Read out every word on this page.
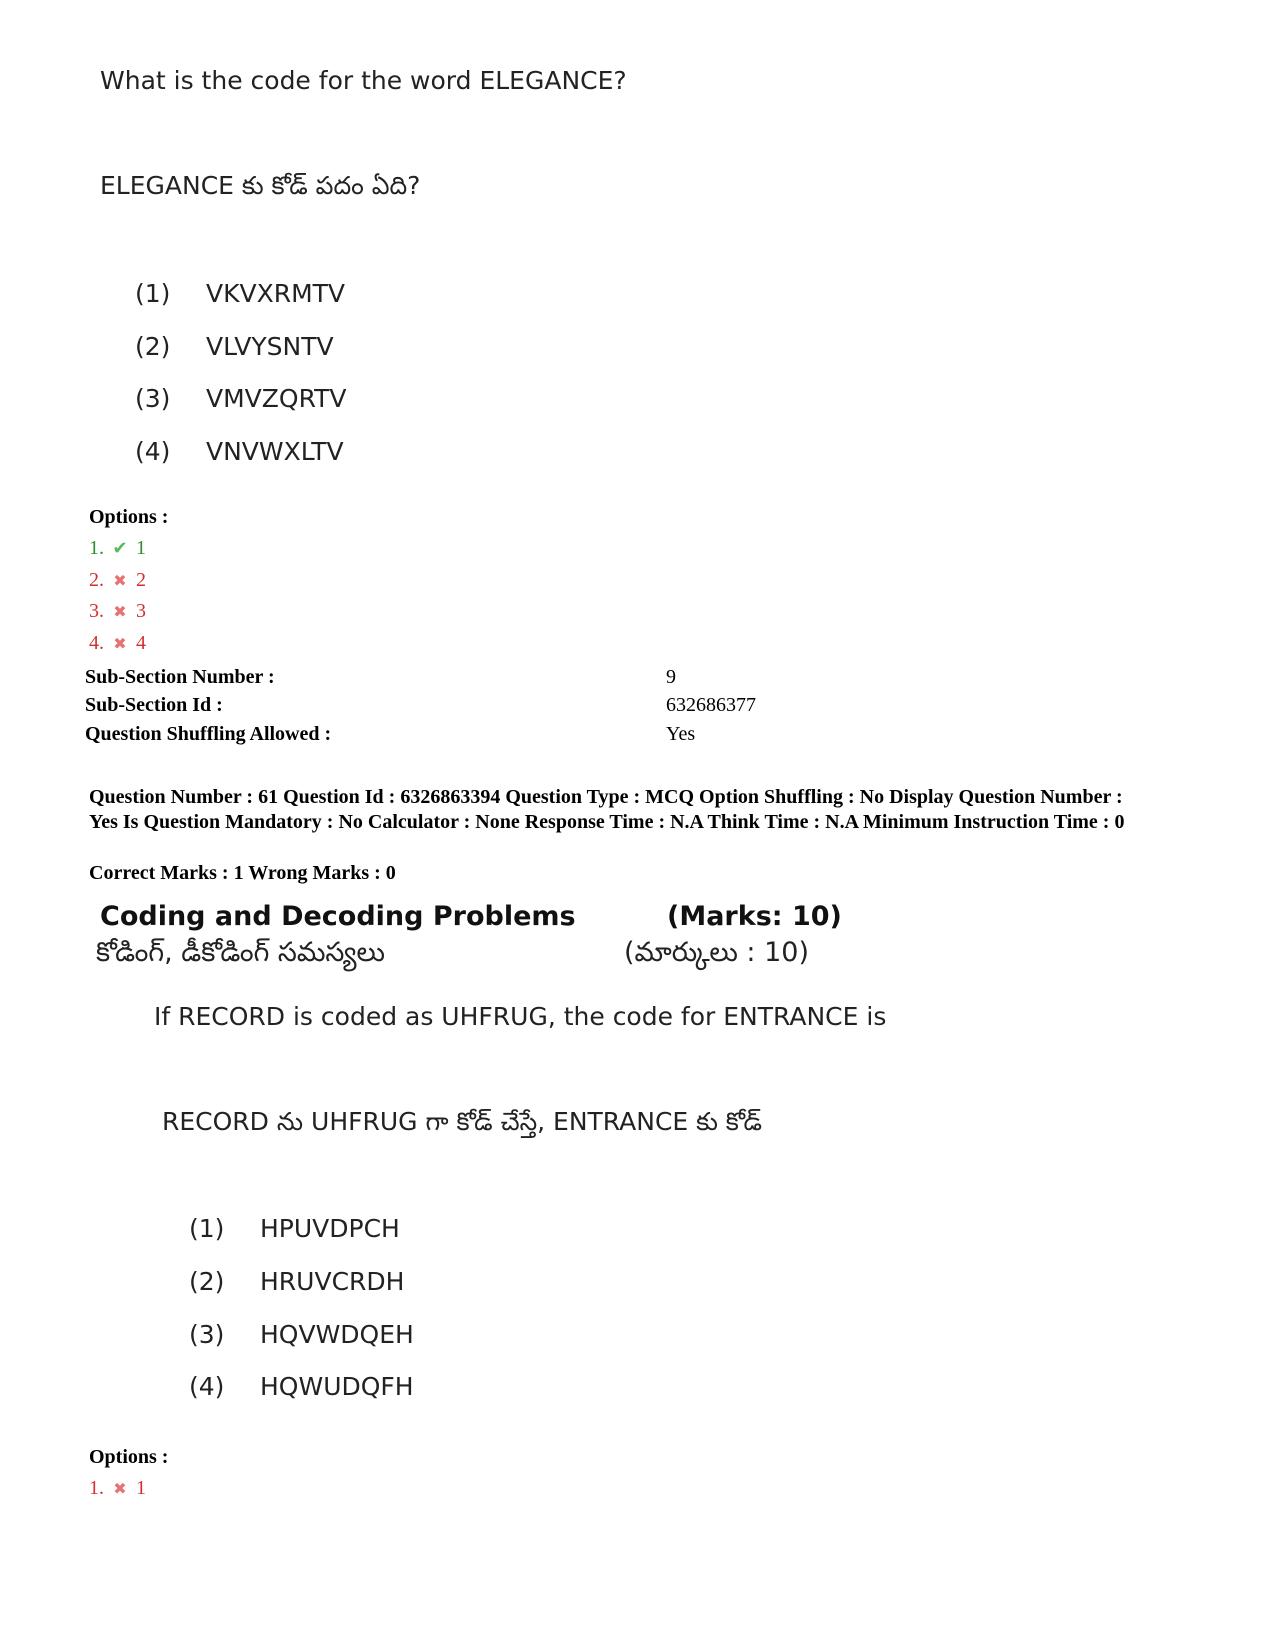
What is the code for the word ELEGANCE?
ELEGANCE కు కోడ్ పదం ఏది?
(1) VKVXRMTV
(2) VLVYSNTV
(3) VMVZQRTV
(4) VNVWXLTV
Options :
1. ✔ 1
2. ✖ 2
3. ✖ 3
4. ✖ 4
Sub-Section Number :	9
Sub-Section Id :	632686377
Question Shuffling Allowed :	Yes
Question Number : 61 Question Id : 6326863394 Question Type : MCQ Option Shuffling : No Display Question Number : Yes Is Question Mandatory : No Calculator : None Response Time : N.A Think Time : N.A Minimum Instruction Time : 0
Correct Marks : 1 Wrong Marks : 0
Coding and Decoding Problems	(Marks: 10)
కోడింగ్, డీకోడింగ్ సమస్యలు	(మార్కులు : 10)
If RECORD is coded as UHFRUG, the code for ENTRANCE is
RECORD ను UHFRUG గా కోడ్ చేస్తే, ENTRANCE కు కోడ్
(1) HPUVDPCH
(2) HRUVCRDH
(3) HQVWDQEH
(4) HQWUDQFH
Options :
1. ✖ 1
